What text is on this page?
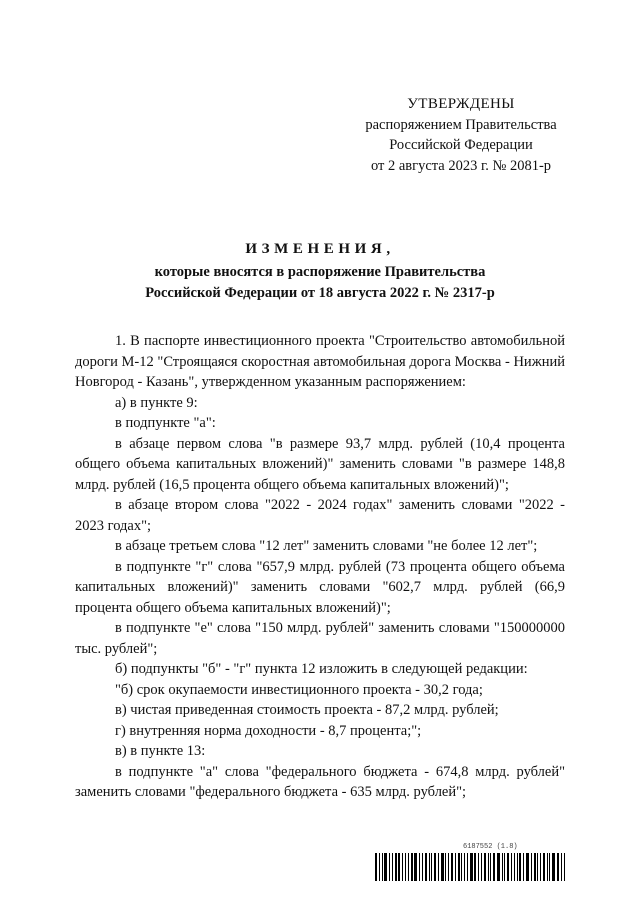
УТВЕРЖДЕНЫ
распоряжением Правительства
Российской Федерации
от 2 августа 2023 г. № 2081-р
ИЗМЕНЕНИЯ,
которые вносятся в распоряжение Правительства
Российской Федерации от 18 августа 2022 г. № 2317-р

1. В паспорте инвестиционного проекта "Строительство автомобильной дороги М-12 "Строящаяся скоростная автомобильная дорога Москва - Нижний Новгород - Казань", утвержденном указанным распоряжением:

а) в пункте 9:

в подпункте "а":

в абзаце первом слова "в размере 93,7 млрд. рублей (10,4 процента общего объема капитальных вложений)" заменить словами "в размере 148,8 млрд. рублей (16,5 процента общего объема капитальных вложений)";

в абзаце втором слова "2022 - 2024 годах" заменить словами "2022 - 2023 годах";

в абзаце третьем слова "12 лет" заменить словами "не более 12 лет";

в подпункте "г" слова "657,9 млрд. рублей (73 процента общего объема капитальных вложений)" заменить словами "602,7 млрд. рублей (66,9 процента общего объема капитальных вложений)";

в подпункте "е" слова "150 млрд. рублей" заменить словами "150000000 тыс. рублей";

б) подпункты "б" - "г" пункта 12 изложить в следующей редакции:

"б) срок окупаемости инвестиционного проекта - 30,2 года;

в) чистая приведенная стоимость проекта - 87,2 млрд. рублей;

г) внутренняя норма доходности - 8,7 процента;";

в) в пункте 13:

в подпункте "а" слова "федерального бюджета - 674,8 млрд. рублей" заменить словами "федерального бюджета - 635 млрд. рублей";

6187552 (1.8)
